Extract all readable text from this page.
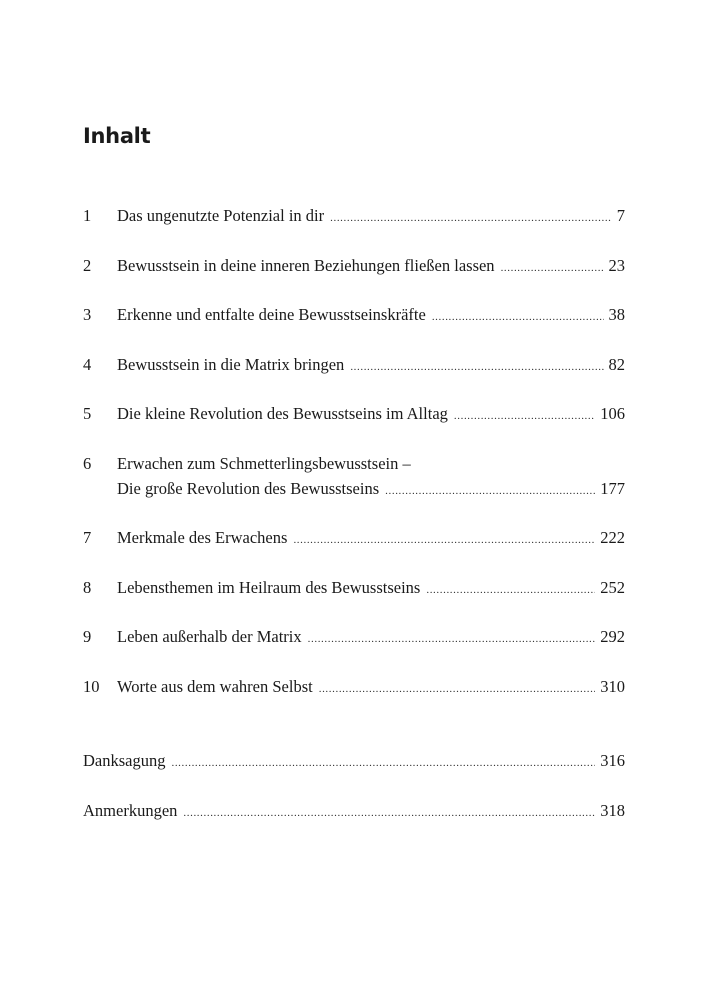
Inhalt
1	Das ungenutzte Potenzial in dir .....	7
2	Bewusstsein in deine inneren Beziehungen fließen lassen .....	23
3	Erkenne und entfalte deine Bewusstseinskräfte .....	38
4	Bewusstsein in die Matrix bringen .....	82
5	Die kleine Revolution des Bewusstseins im Alltag .....	106
6	Erwachen zum Schmetterlingsbewusstsein –
Die große Revolution des Bewusstseins .....	177
7	Merkmale des Erwachens .....	222
8	Lebensthemen im Heilraum des Bewusstseins .....	252
9	Leben außerhalb der Matrix .....	292
10	Worte aus dem wahren Selbst .....	310
Danksagung .....	316
Anmerkungen .....	318
